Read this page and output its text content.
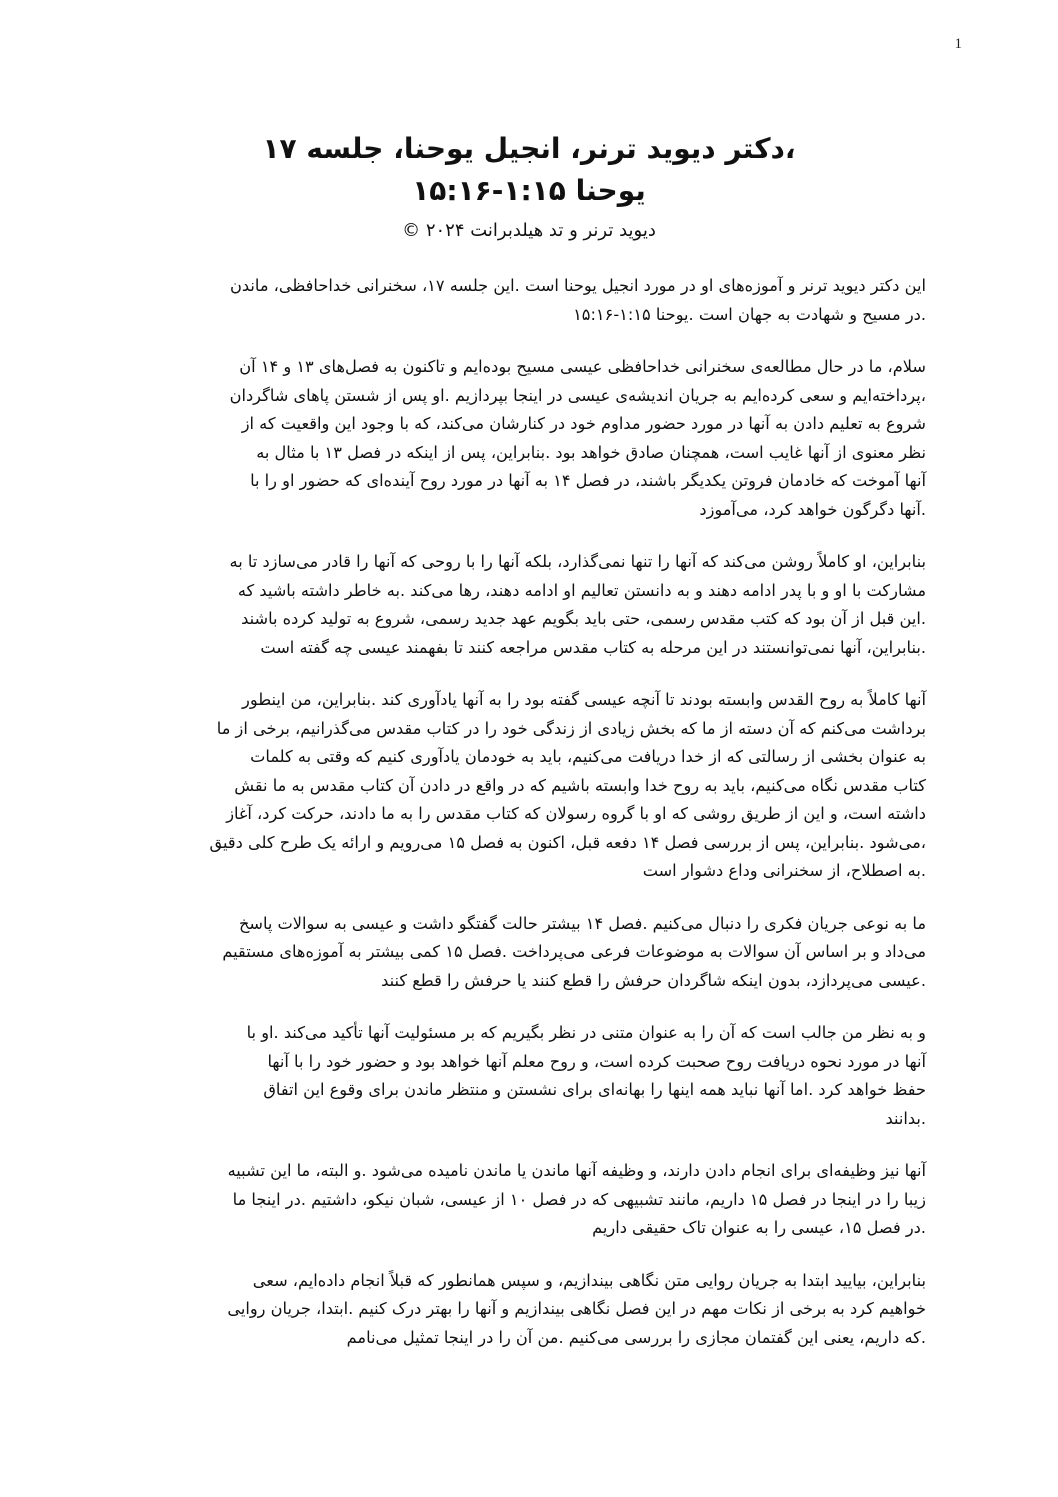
1
،دکتر دیوید ترنر، انجیل یوحنا، جلسه ۱۷
یوحنا ۱:۱۵-۱۵:۱۶
دیوید ترنر و تد هیلدبرانت ۲۰۲۴ ©

این دکتر دیوید ترنر و آموزه‌های او در مورد انجیل یوحنا است .این جلسه ۱۷، سخنرانی خداحافظی، ماندن
.در مسیح و شهادت به جهان است .یوحنا ۱:۱۵-۱۵:۱۶

سلام، ما در حال مطالعه‌ی سخنرانی خداحافظی عیسی مسیح بوده‌ایم و تاکنون به فصل‌های ۱۳ و ۱۴ آن
،پرداخته‌ایم و سعی کرده‌ایم به جریان اندیشه‌ی عیسی در اینجا بپردازیم .او پس از شستن پاهای شاگردان
شروع به تعلیم دادن به آنها در مورد حضور مداوم خود در کنارشان می‌کند، که با وجود این واقعیت که از
نظر معنوی از آنها غایب است، همچنان صادق خواهد بود .بنابراین، پس از اینکه در فصل ۱۳ با مثال به
آنها آموخت که خادمان فروتن یکدیگر باشند، در فصل ۱۴ به آنها در مورد روح آینده‌ای که حضور او را با
.آنها دگرگون خواهد کرد، می‌آموزد

بنابراین، او کاملاً روشن می‌کند که آنها را تنها نمی‌گذارد، بلکه آنها را با روحی که آنها را قادر می‌سازد تا به
مشارکت با او و با پدر ادامه دهند و به دانستن تعالیم او ادامه دهند، رها می‌کند .به خاطر داشته باشید که
.این قبل از آن بود که کتب مقدس رسمی، حتی باید بگویم عهد جدید رسمی، شروع به تولید کرده باشند
.بنابراین، آنها نمی‌توانستند در این مرحله به کتاب مقدس مراجعه کنند تا بفهمند عیسی چه گفته است

آنها کاملاً به روح القدس وابسته بودند تا آنچه عیسی گفته بود را به آنها یادآوری کند .بنابراین، من اینطور
برداشت می‌کنم که آن دسته از ما که بخش زیادی از زندگی خود را در کتاب مقدس می‌گذرانیم، برخی از ما
به عنوان بخشی از رسالتی که از خدا دریافت می‌کنیم، باید به خودمان یادآوری کنیم که وقتی به کلمات
کتاب مقدس نگاه می‌کنیم، باید به روح خدا وابسته باشیم که در واقع در دادن آن کتاب مقدس به ما نقش
داشته است، و این از طریق روشی که او با گروه رسولان که کتاب مقدس را به ما دادند، حرکت کرد، آغاز
،می‌شود .بنابراین، پس از بررسی فصل ۱۴ دفعه قبل، اکنون به فصل ۱۵ می‌رویم و ارائه یک طرح کلی دقیق
.به اصطلاح، از سخنرانی وداع دشوار است

ما به نوعی جریان فکری را دنبال می‌کنیم .فصل ۱۴ بیشتر حالت گفتگو داشت و عیسی به سوالات پاسخ
می‌داد و بر اساس آن سوالات به موضوعات فرعی می‌پرداخت .فصل ۱۵ کمی بیشتر به آموزه‌های مستقیم
.عیسی می‌پردازد، بدون اینکه شاگردان حرفش را قطع کنند یا حرفش را قطع کنند

و به نظر من جالب است که آن را به عنوان متنی در نظر بگیریم که بر مسئولیت آنها تأکید می‌کند .او با
آنها در مورد نحوه دریافت روح صحبت کرده است، و روح معلم آنها خواهد بود و حضور خود را با آنها
حفظ خواهد کرد .اما آنها نباید همه اینها را بهانه‌ای برای نشستن و منتظر ماندن برای وقوع این اتفاق
.بدانند

آنها نیز وظیفه‌ای برای انجام دادن دارند، و وظیفه آنها ماندن یا ماندن نامیده می‌شود .و البته، ما این تشبیه
زیبا را در اینجا در فصل ۱۵ داریم، مانند تشبیهی که در فصل ۱۰ از عیسی، شبان نیکو، داشتیم .در اینجا ما
.در فصل ۱۵، عیسی را به عنوان تاک حقیقی داریم

بنابراین، بیایید ابتدا به جریان روایی متن نگاهی بیندازیم، و سپس همانطور که قبلاً انجام داده‌ایم، سعی
خواهیم کرد به برخی از نکات مهم در این فصل نگاهی بیندازیم و آنها را بهتر درک کنیم .ابتدا، جریان روایی
.که داریم، یعنی این گفتمان مجازی را بررسی می‌کنیم .من آن را در اینجا تمثیل می‌نامم
